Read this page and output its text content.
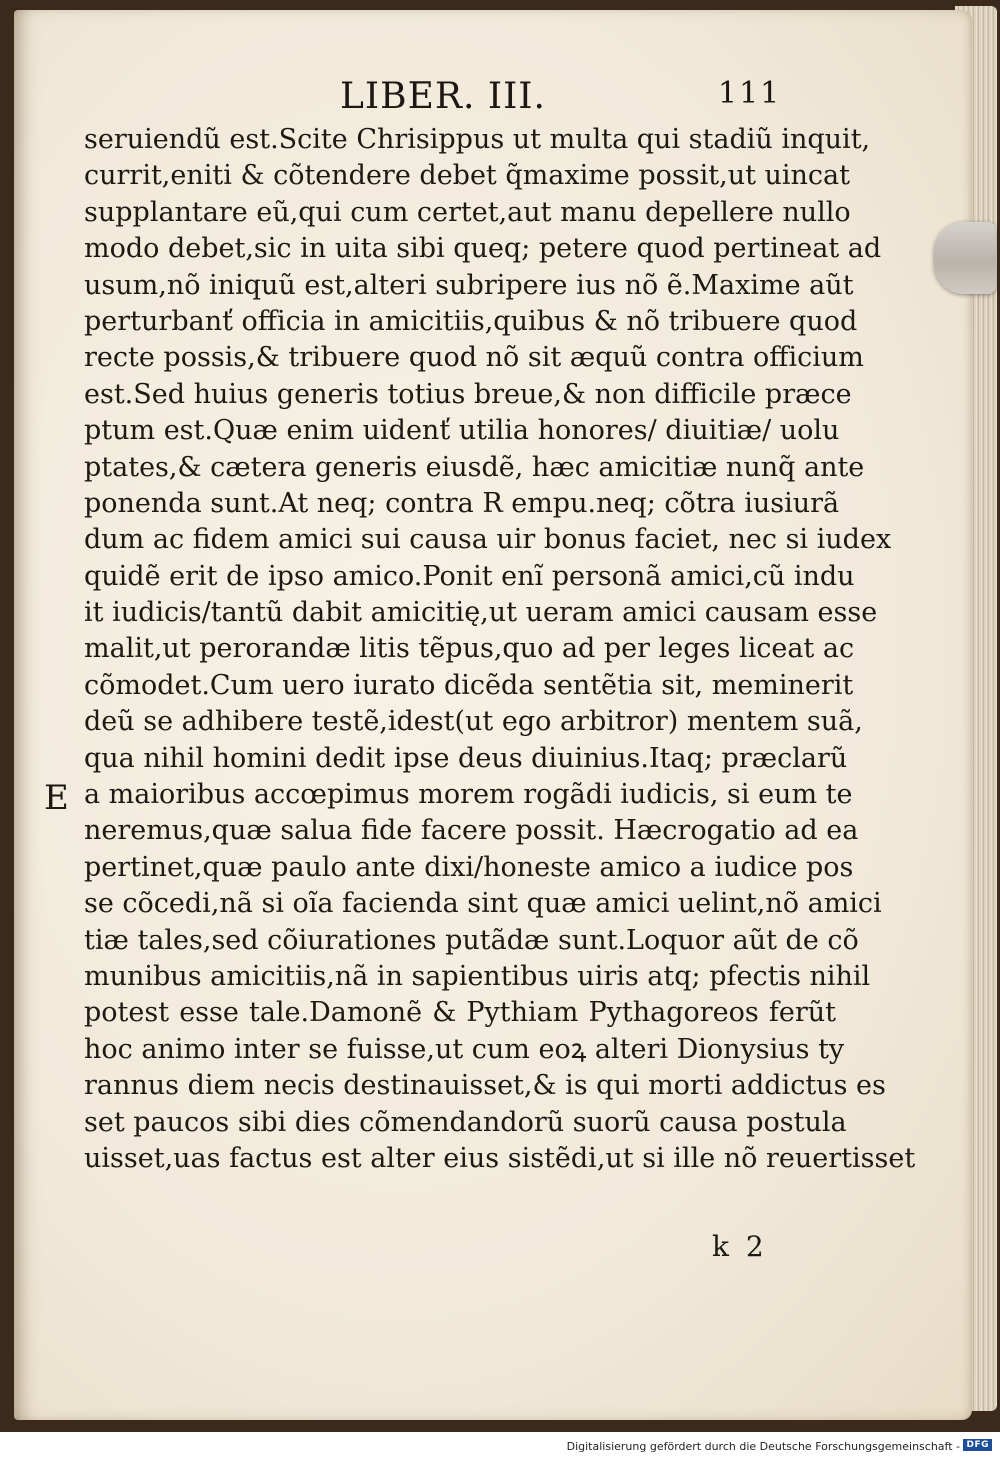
LIBER. III.	111
seruiendũ est.Scite Chrisippus ut multa qui stadiũ inquit,
currit,eniti & cõtendere debet q̃maxime possit,ut uincat
supplantare eũ,qui cum certet,aut manu depellere nullo
modo debet,sic in uita sibi queq; petere quod pertineat ad
usum,nõ iniquũ est,alteri subripere ius nõ ẽ.Maxime aũt
perturbanť officia in amicitiis,quibus & nõ tribuere quod
recte possis,& tribuere quod nõ sit æquũ contra officium
est.Sed huius generis totius breue,& non difficile præce
ptum est.Quæ enim uidenť utilia honores/ diuitiæ/ uolu
ptates,& cætera generis eiusdẽ, hæc amicitiæ nunq̃ ante
ponenda sunt.At neq; contra R empu.neq; cõtra iusiurã
dum ac fidem amici sui causa uir bonus faciet, nec si iudex
quidẽ erit de ipso amico.Ponit enĩ personã amici,cũ indu
it iudicis/tantũ dabit amicitię,ut ueram amici causam esse
malit,ut perorandæ litis tẽpus,quo ad per leges liceat ac
cõmodet.Cum uero iurato dicẽda sentẽtia sit, meminerit
deũ se adhibere testẽ,idest(ut ego arbitror) mentem suã,
qua nihil homini dedit ipse deus diuinius.Itaq; præclarũ
a maioribus accœpimus morem rogãdi iudicis, si eum te
neremus,quæ salua fide facere possit. Hæcrogatio ad ea
pertinet,quæ paulo ante dixi/honeste amico a iudice pos
se cõcedi,nã si oĩa facienda sint quæ amici uelint,nõ amici
tiæ tales,sed cõiurationes putãdæ sunt.Loquor aũt de cõ
munibus amicitiis,nã in sapientibus uiris atq; pfectis nihil
potest esse tale.Damonẽ & Pythiam Pythagoreos ferũt
hoc animo inter se fuisse,ut cum eoꝝ alteri Dionysius ty
rannus diem necis destinauisset,& is qui morti addictus es
set paucos sibi dies cõmendandorũ suorũ causa postula
uisset,uas factus est alter eius sistẽdi,ut si ille nõ reuertisset
E
k 2
Digitalisierung gefördert durch die Deutsche Forschungsgemeinschaft - DFG
